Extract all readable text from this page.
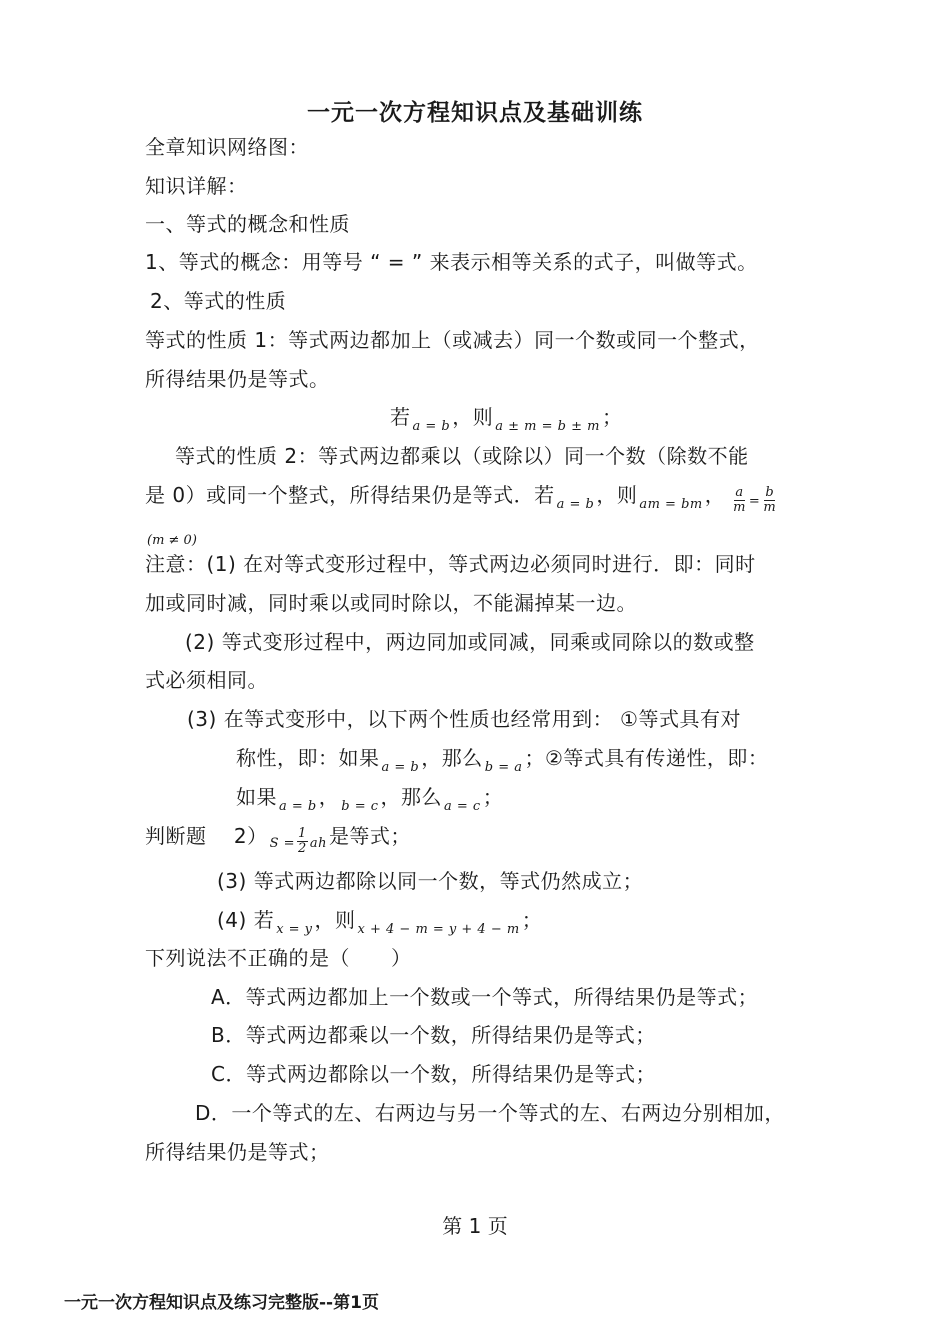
一元一次方程知识点及基础训练
全章知识网络图：
知识详解：
一、等式的概念和性质
1、等式的概念：用等号 “ = ” 来表示相等关系的式子，叫做等式。
2、等式的性质
等式的性质 1：等式两边都加上（或减去）同一个数或同一个整式，
所得结果仍是等式。
若 $_{a = b}$ ，则 $_{a \pm m = b \pm m}$ ；
等式的性质 2：等式两边都乘以（或除以）同一个数（除数不能
是 0）或同一个整式，所得结果仍是等式．若 $_{a = b}$ ，则 $_{am = bm}$ ， $\frac{a}{m} = \frac{b}{m}$
(m ≠ 0)
注意：(1) 在对等式变形过程中，等式两边必须同时进行．即：同时
加或同时减，同时乘以或同时除以，不能漏掉某一边。
(2) 等式变形过程中，两边同加或同减，同乘或同除以的数或整
式必须相同。
(3) 在等式变形中，以下两个性质也经常用到： ①等式具有对
称性，即：如果 $_{a = b}$ ，那么 $_{b = a}$ ；②等式具有传递性，即：
如果 $_{a = b}$ ， $_{b = c}$ ，那么 $_{a = c}$ ；
判断题　 2） $_{S =} \frac{1}{2} _{ah}$ 是等式；
(3) 等式两边都除以同一个数，等式仍然成立；
(4) 若 $_{x = y}$ ，则 $_{x + 4 - m = y + 4 - m}$ ；
下列说法不正确的是（　　）
A．等式两边都加上一个数或一个等式，所得结果仍是等式；
B．等式两边都乘以一个数，所得结果仍是等式；
C．等式两边都除以一个数，所得结果仍是等式；
D．一个等式的左、右两边与另一个等式的左、右两边分别相加，
所得结果仍是等式；
第 1 页
一元一次方程知识点及练习完整版--第1页
